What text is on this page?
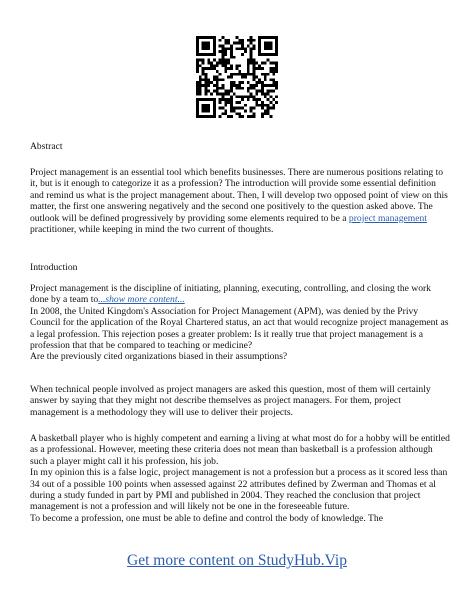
Abstract

Project management is an essential tool which benefits businesses. There are numerous positions relating to it, but is it enough to categorize it as a profession? The introduction will provide some essential definition and remind us what is the project management about. Then, I will develop two opposed point of view on this matter, the first one answering negatively and the second one positively to the question asked above. The outlook will be defined progressively by providing some elements required to be a project management practitioner, while keeping in mind the two current of thoughts.

Introduction

Project management is the discipline of initiating, planning, executing, controlling, and closing the work done by a team to...show more content...
In 2008, the United Kingdom's Association for Project Management (APM), was denied by the Privy Council for the application of the Royal Chartered status, an act that would recognize project management as a legal profession. This rejection poses a greater problem: Is it really true that project management is a profession that that be compared to teaching or medicine?
Are the previously cited organizations biased in their assumptions?

When technical people involved as project managers are asked this question, most of them will certainly answer by saying that they might not describe themselves as project managers. For them, project management is a methodology they will use to deliver their projects.

A basketball player who is highly competent and earning a living at what most do for a hobby will be entitled as a professional. However, meeting these criteria does not mean than basketball is a profession although such a player might call it his profession, his job.
In my opinion this is a false logic, project management is not a profession but a process as it scored less than 34 out of a possible 100 points when assessed against 22 attributes defined by Zwerman and Thomas et al during a study funded in part by PMI and published in 2004. They reached the conclusion that project management is not a profession and will likely not be one in the foreseeable future.
To become a profession, one must be able to define and control the body of knowledge. The

Get more content on StudyHub.Vip
